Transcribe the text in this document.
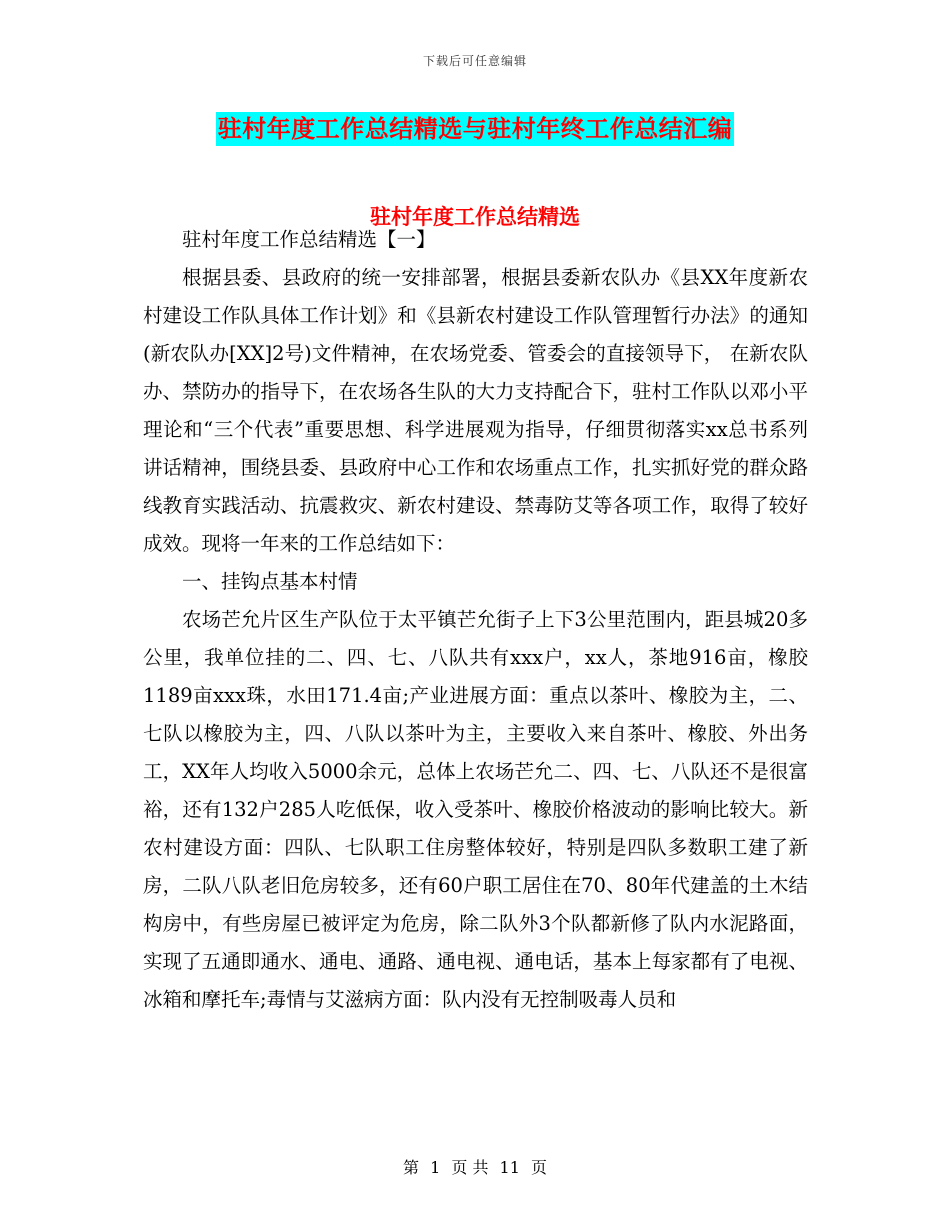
下载后可任意编辑
驻村年度工作总结精选与驻村年终工作总结汇编
驻村年度工作总结精选

驻村年度工作总结精选【一】

根据县委、县政府的统一安排部署，根据县委新农队办《县XX年度新农村建设工作队具体工作计划》和《县新农村建设工作队管理暂行办法》的通知(新农队办[XX]2号)文件精神，在农场党委、管委会的直接领导下， 在新农队办、禁防办的指导下，在农场各生队的大力支持配合下，驻村工作队以邓小平理论和“三个代表”重要思想、科学进展观为指导，仔细贯彻落实xx总书系列讲话精神，围绕县委、县政府中心工作和农场重点工作，扎实抓好党的群众路线教育实践活动、抗震救灾、新农村建设、禁毒防艾等各项工作，取得了较好成效。现将一年来的工作总结如下：

一、挂钩点基本村情

农场芒允片区生产队位于太平镇芒允街子上下3公里范围内，距县城20多公里，我单位挂的二、四、七、八队共有xxx户，xx人，茶地916亩，橡胶1189亩xxx珠，水田171.4亩;产业进展方面：重点以茶叶、橡胶为主，二、七队以橡胶为主，四、八队以茶叶为主，主要收入来自茶叶、橡胶、外出务工，XX年人均收入5000余元，总体上农场芒允二、四、七、八队还不是很富裕，还有132户285人吃低保，收入受茶叶、橡胶价格波动的影响比较大。新农村建设方面：四队、七队职工住房整体较好，特别是四队多数职工建了新房，二队八队老旧危房较多，还有60户职工居住在70、80年代建盖的土木结构房中，有些房屋已被评定为危房，除二队外3个队都新修了队内水泥路面，实现了五通即通水、通电、通路、通电视、通电话，基本上每家都有了电视、冰箱和摩托车;毒情与艾滋病方面：队内没有无控制吸毒人员和

第 1 页 共 11 页
